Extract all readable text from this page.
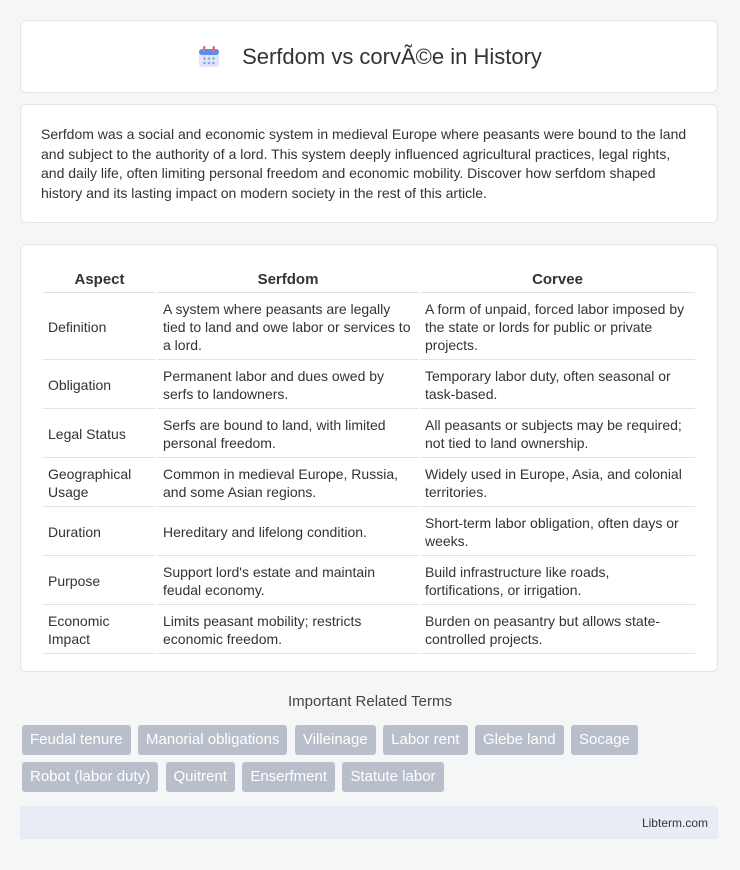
Serfdom vs corvÃ©e in History

Serfdom was a social and economic system in medieval Europe where peasants were bound to the land and subject to the authority of a lord. This system deeply influenced agricultural practices, legal rights, and daily life, often limiting personal freedom and economic mobility. Discover how serfdom shaped history and its lasting impact on modern society in the rest of this article.

Aspect	Serfdom	Corvee
Definition	A system where peasants are legally tied to land and owe labor or services to a lord.	A form of unpaid, forced labor imposed by the state or lords for public or private projects.
Obligation	Permanent labor and dues owed by serfs to landowners.	Temporary labor duty, often seasonal or task-based.
Legal Status	Serfs are bound to land, with limited personal freedom.	All peasants or subjects may be required; not tied to land ownership.
Geographical Usage	Common in medieval Europe, Russia, and some Asian regions.	Widely used in Europe, Asia, and colonial territories.
Duration	Hereditary and lifelong condition.	Short-term labor obligation, often days or weeks.
Purpose	Support lord's estate and maintain feudal economy.	Build infrastructure like roads, fortifications, or irrigation.
Economic Impact	Limits peasant mobility; restricts economic freedom.	Burden on peasantry but allows state-controlled projects.
Important Related Terms
Feudal tenure Manorial obligations Villeinage Labor rent Glebe land Socage
Robot (labor duty) Quitrent Enserfment Statute labor
Libterm.com
